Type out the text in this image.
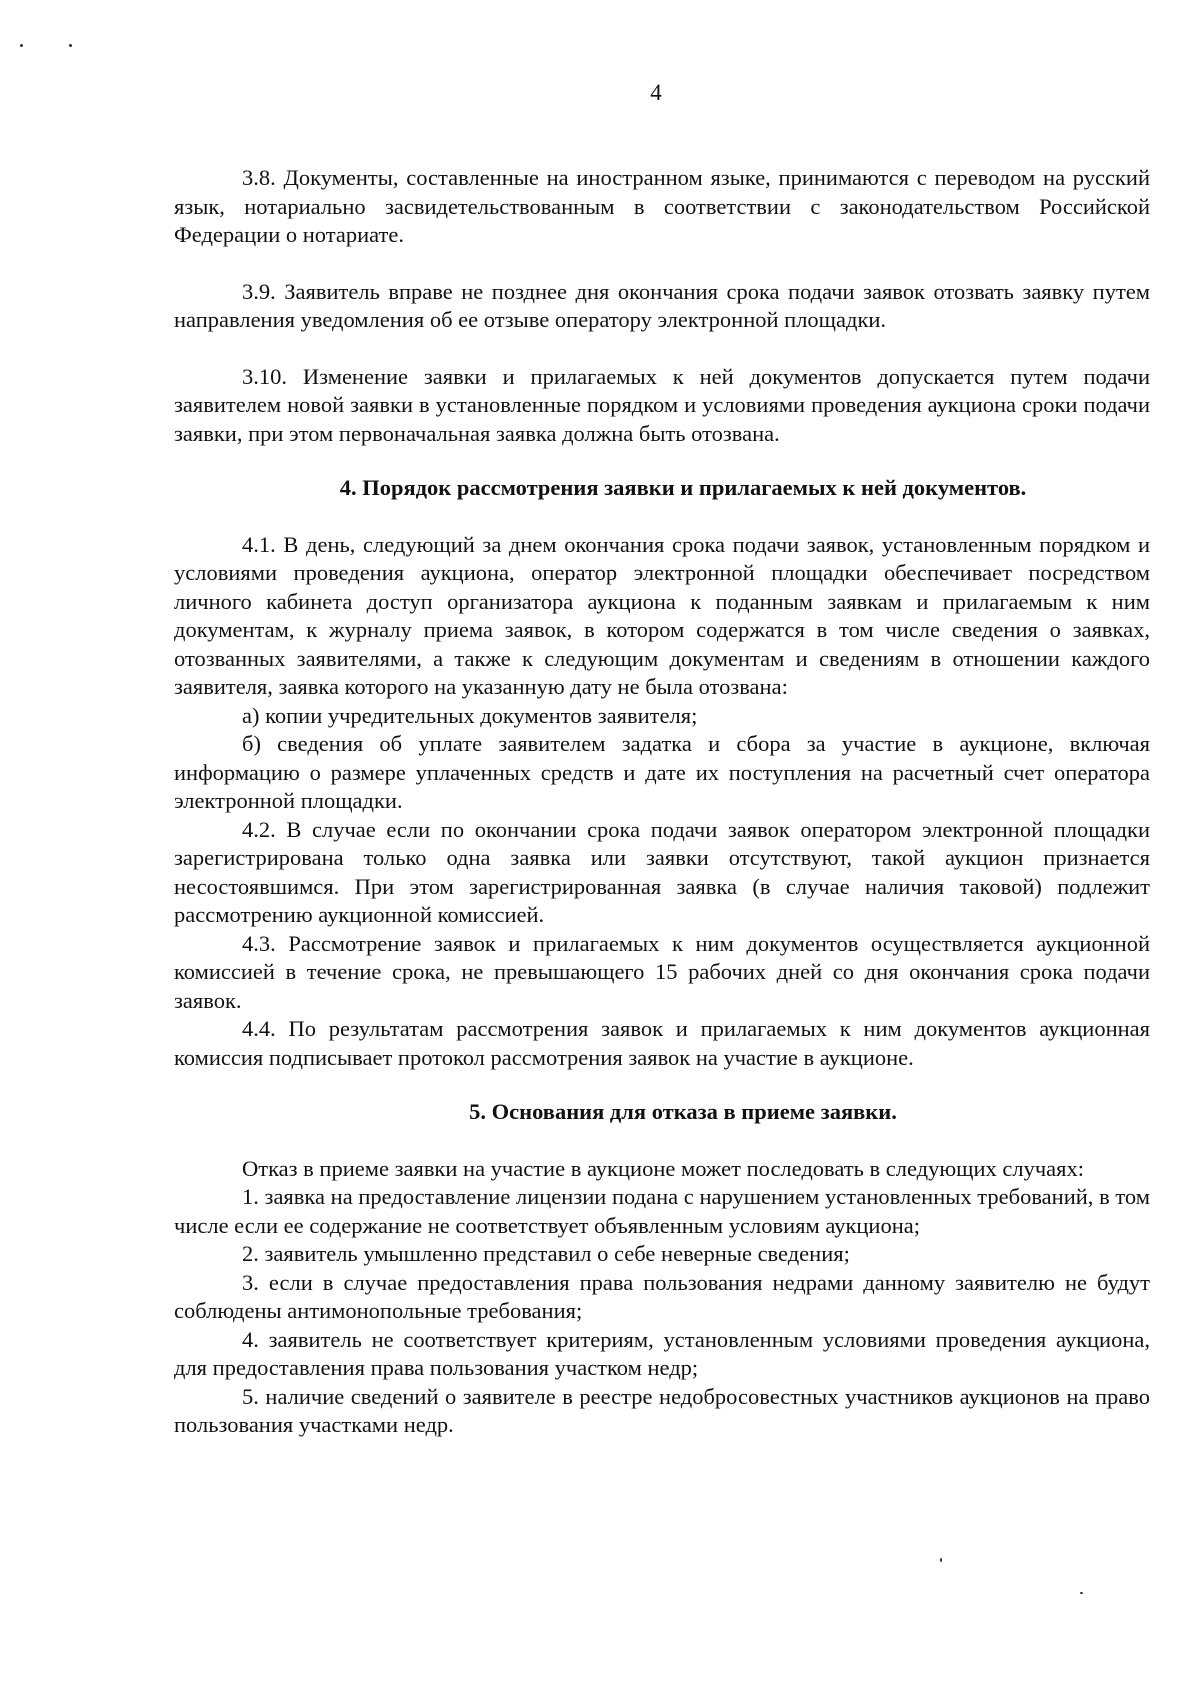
4

3.8. Документы, составленные на иностранном языке, принимаются с переводом на русский язык, нотариально засвидетельствованным в соответствии с законодательством Российской Федерации о нотариате.

3.9. Заявитель вправе не позднее дня окончания срока подачи заявок отозвать заявку путем направления уведомления об ее отзыве оператору электронной площадки.

3.10. Изменение заявки и прилагаемых к ней документов допускается путем подачи заявителем новой заявки в установленные порядком и условиями проведения аукциона сроки подачи заявки, при этом первоначальная заявка должна быть отозвана.

4. Порядок рассмотрения заявки и прилагаемых к ней документов.

4.1. В день, следующий за днем окончания срока подачи заявок, установленным порядком и условиями проведения аукциона, оператор электронной площадки обеспечивает посредством личного кабинета доступ организатора аукциона к поданным заявкам и прилагаемым к ним документам, к журналу приема заявок, в котором содержатся в том числе сведения о заявках, отозванных заявителями, а также к следующим документам и сведениям в отношении каждого заявителя, заявка которого на указанную дату не была отозвана:

а) копии учредительных документов заявителя;

б) сведения об уплате заявителем задатка и сбора за участие в аукционе, включая информацию о размере уплаченных средств и дате их поступления на расчетный счет оператора электронной площадки.

4.2. В случае если по окончании срока подачи заявок оператором электронной площадки зарегистрирована только одна заявка или заявки отсутствуют, такой аукцион признается несостоявшимся. При этом зарегистрированная заявка (в случае наличия таковой) подлежит рассмотрению аукционной комиссией.

4.3. Рассмотрение заявок и прилагаемых к ним документов осуществляется аукционной комиссией в течение срока, не превышающего 15 рабочих дней со дня окончания срока подачи заявок.

4.4. По результатам рассмотрения заявок и прилагаемых к ним документов аукционная комиссия подписывает протокол рассмотрения заявок на участие в аукционе.

5. Основания для отказа в приеме заявки.

Отказ в приеме заявки на участие в аукционе может последовать в следующих случаях:

1. заявка на предоставление лицензии подана с нарушением установленных требований, в том числе если ее содержание не соответствует объявленным условиям аукциона;

2. заявитель умышленно представил о себе неверные сведения;

3. если в случае предоставления права пользования недрами данному заявителю не будут соблюдены антимонопольные требования;

4. заявитель не соответствует критериям, установленным условиями проведения аукциона, для предоставления права пользования участком недр;

5. наличие сведений о заявителе в реестре недобросовестных участников аукционов на право пользования участками недр.
